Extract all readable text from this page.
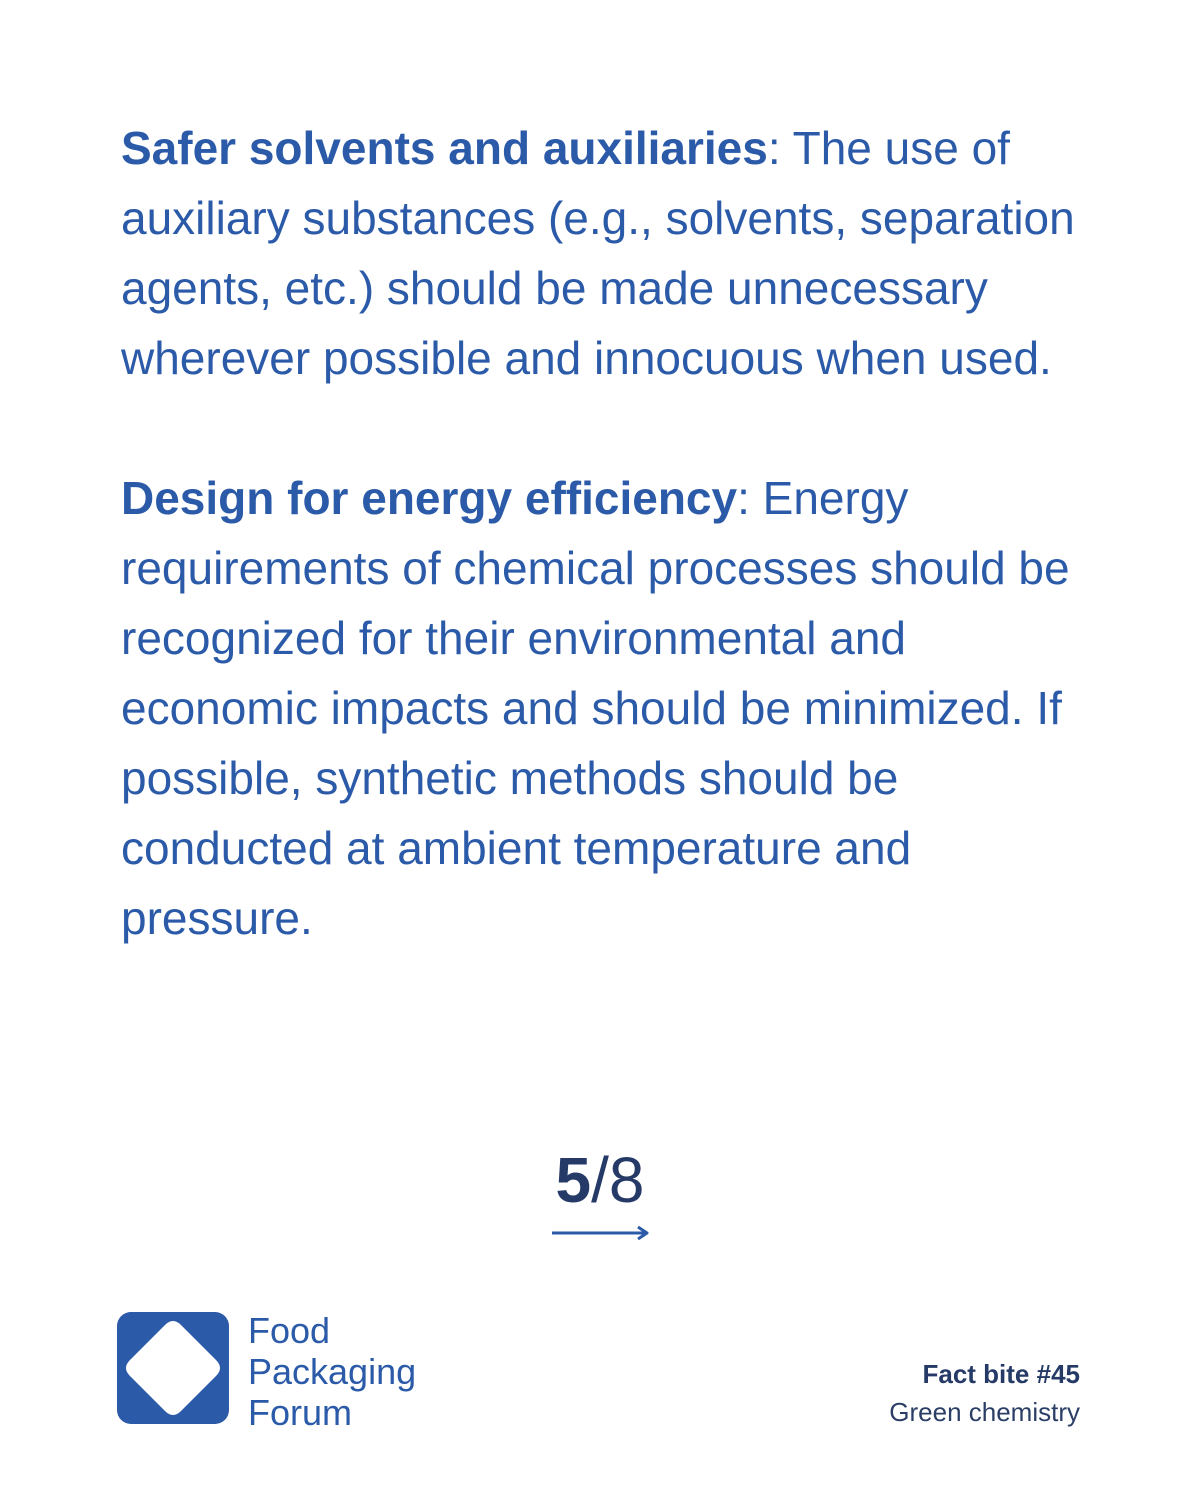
Safer solvents and auxiliaries: The use of auxiliary substances (e.g., solvents, separation agents, etc.) should be made unnecessary wherever possible and innocuous when used.

Design for energy efficiency: Energy requirements of chemical processes should be recognized for their environmental and economic impacts and should be minimized. If possible, synthetic methods should be conducted at ambient temperature and pressure.

5/8
Food
Packaging
Forum
Fact bite #45
Green chemistry
